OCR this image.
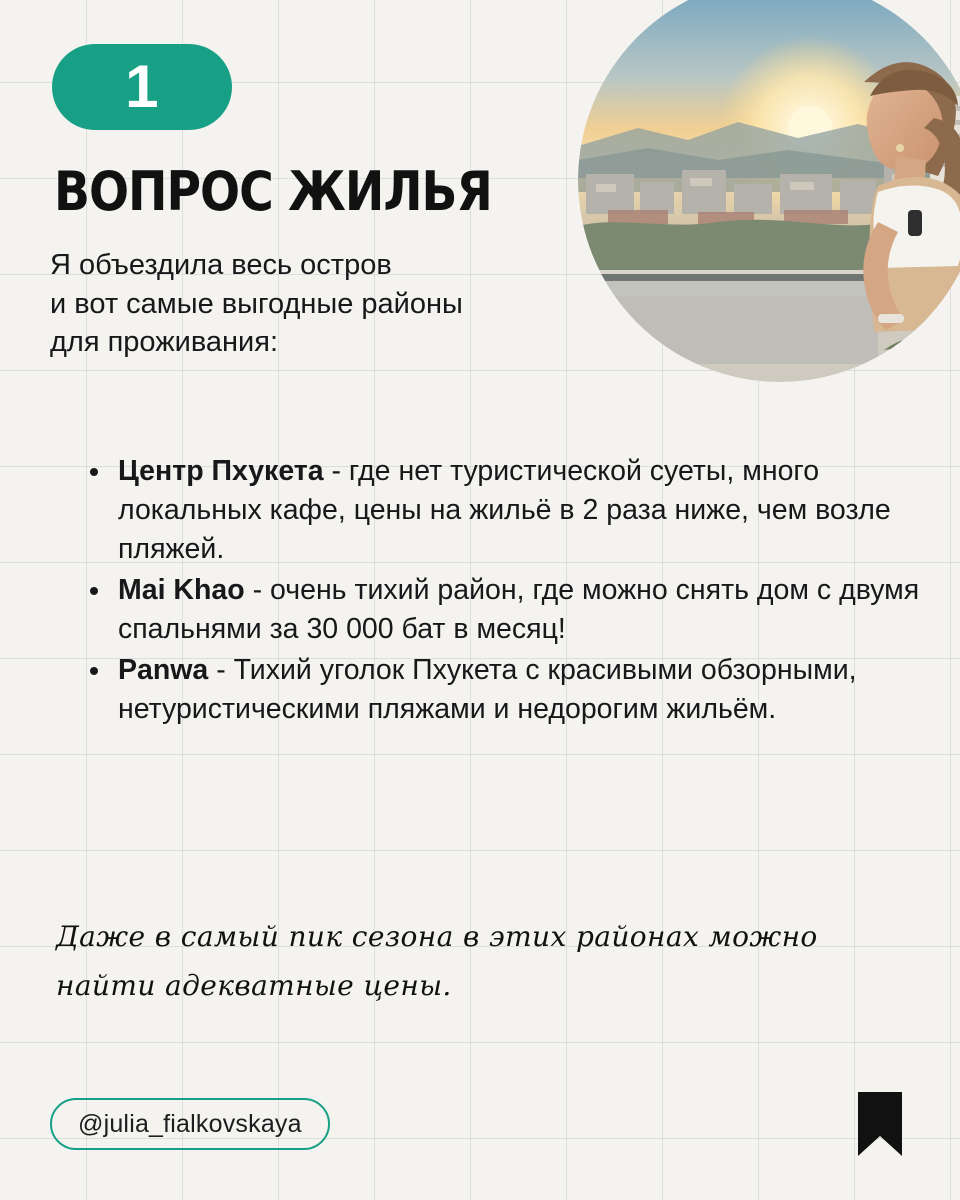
1
ВОПРОС ЖИЛЬЯ
Я объездила весь остров
и вот самые выгодные районы
для проживания:
Центр Пхукета - где нет туристической суеты, много локальных кафе, цены на жильё в 2 раза ниже, чем возле пляжей.
Mai Khao - очень тихий район, где можно снять дом с двумя спальнями за 30 000 бат в месяц!
Panwa - Тихий уголок Пхукета с красивыми обзорными, нетуристическими пляжами и недорогим жильём.
Даже в самый пик сезона в этих районах можно
найти адекватные цены.
@julia_fialkovskaya
